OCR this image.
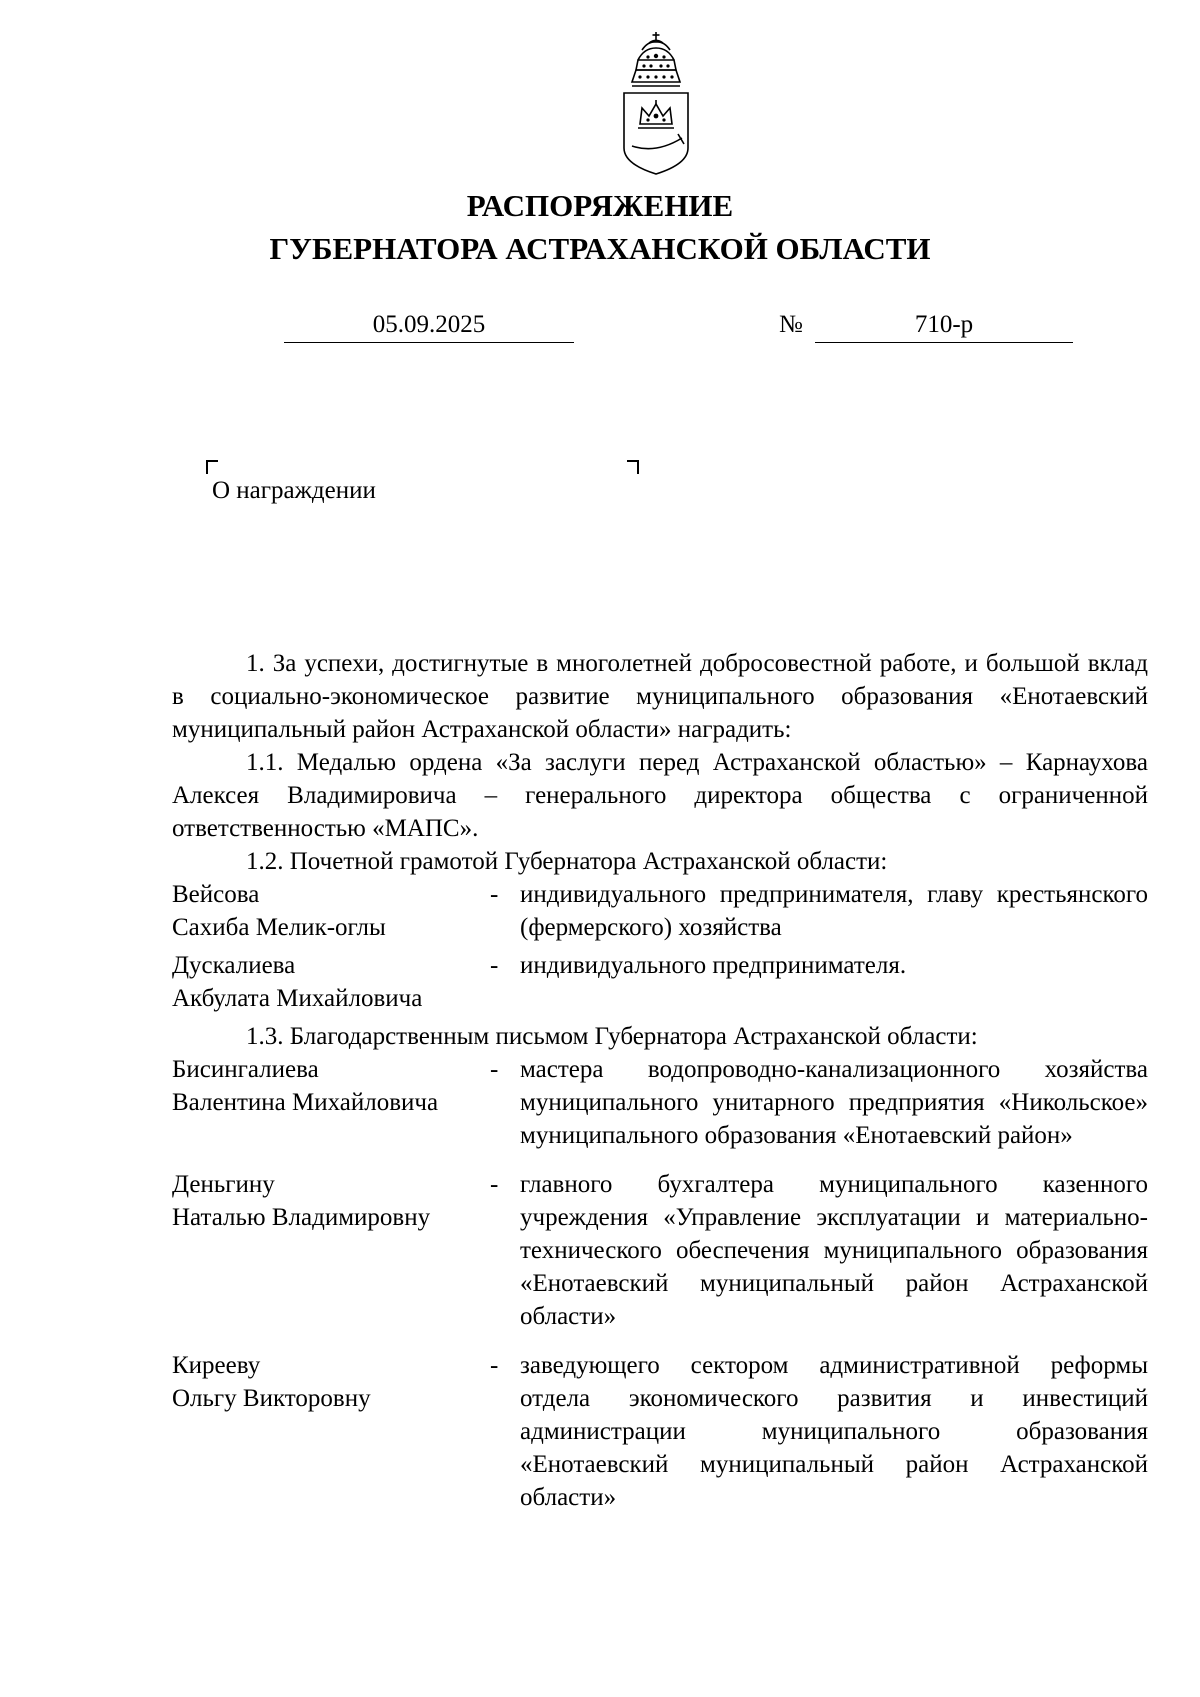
РАСПОРЯЖЕНИЕ
ГУБЕРНАТОРА АСТРАХАНСКОЙ ОБЛАСТИ
05.09.2025	№	710-р
О награждении

1. За успехи, достигнутые в многолетней добросовестной работе, и большой вклад в социально-экономическое развитие муниципального образования «Енотаевский муниципальный район Астраханской области» наградить:

1.1. Медалью ордена «За заслуги перед Астраханской областью» – Карнаухова Алексея Владимировича – генерального директора общества с ограниченной ответственностью «МАПС».

1.2. Почетной грамотой Губернатора Астраханской области:

Вейсова
Сахиба Мелик-оглы
- индивидуального предпринимателя, главу крестьянского (фермерского) хозяйства
Дускалиева
Акбулата Михайловича
- индивидуального предпринимателя.

1.3. Благодарственным письмом Губернатора Астраханской области:

Бисингалиева
Валентина Михайловича
- мастера водопроводно-канализационного хозяйства муниципального унитарного предприятия «Никольское» муниципального образования «Енотаевский район»
Деньгину
Наталью Владимировну
- главного бухгалтера муниципального казенного учреждения «Управление эксплуатации и материально-технического обеспечения муниципального образования «Енотаевский муниципальный район Астраханской области»
Кирееву
Ольгу Викторовну
- заведующего сектором административной реформы отдела экономического развития и инвестиций администрации муниципального образования «Енотаевский муниципальный район Астраханской области»
